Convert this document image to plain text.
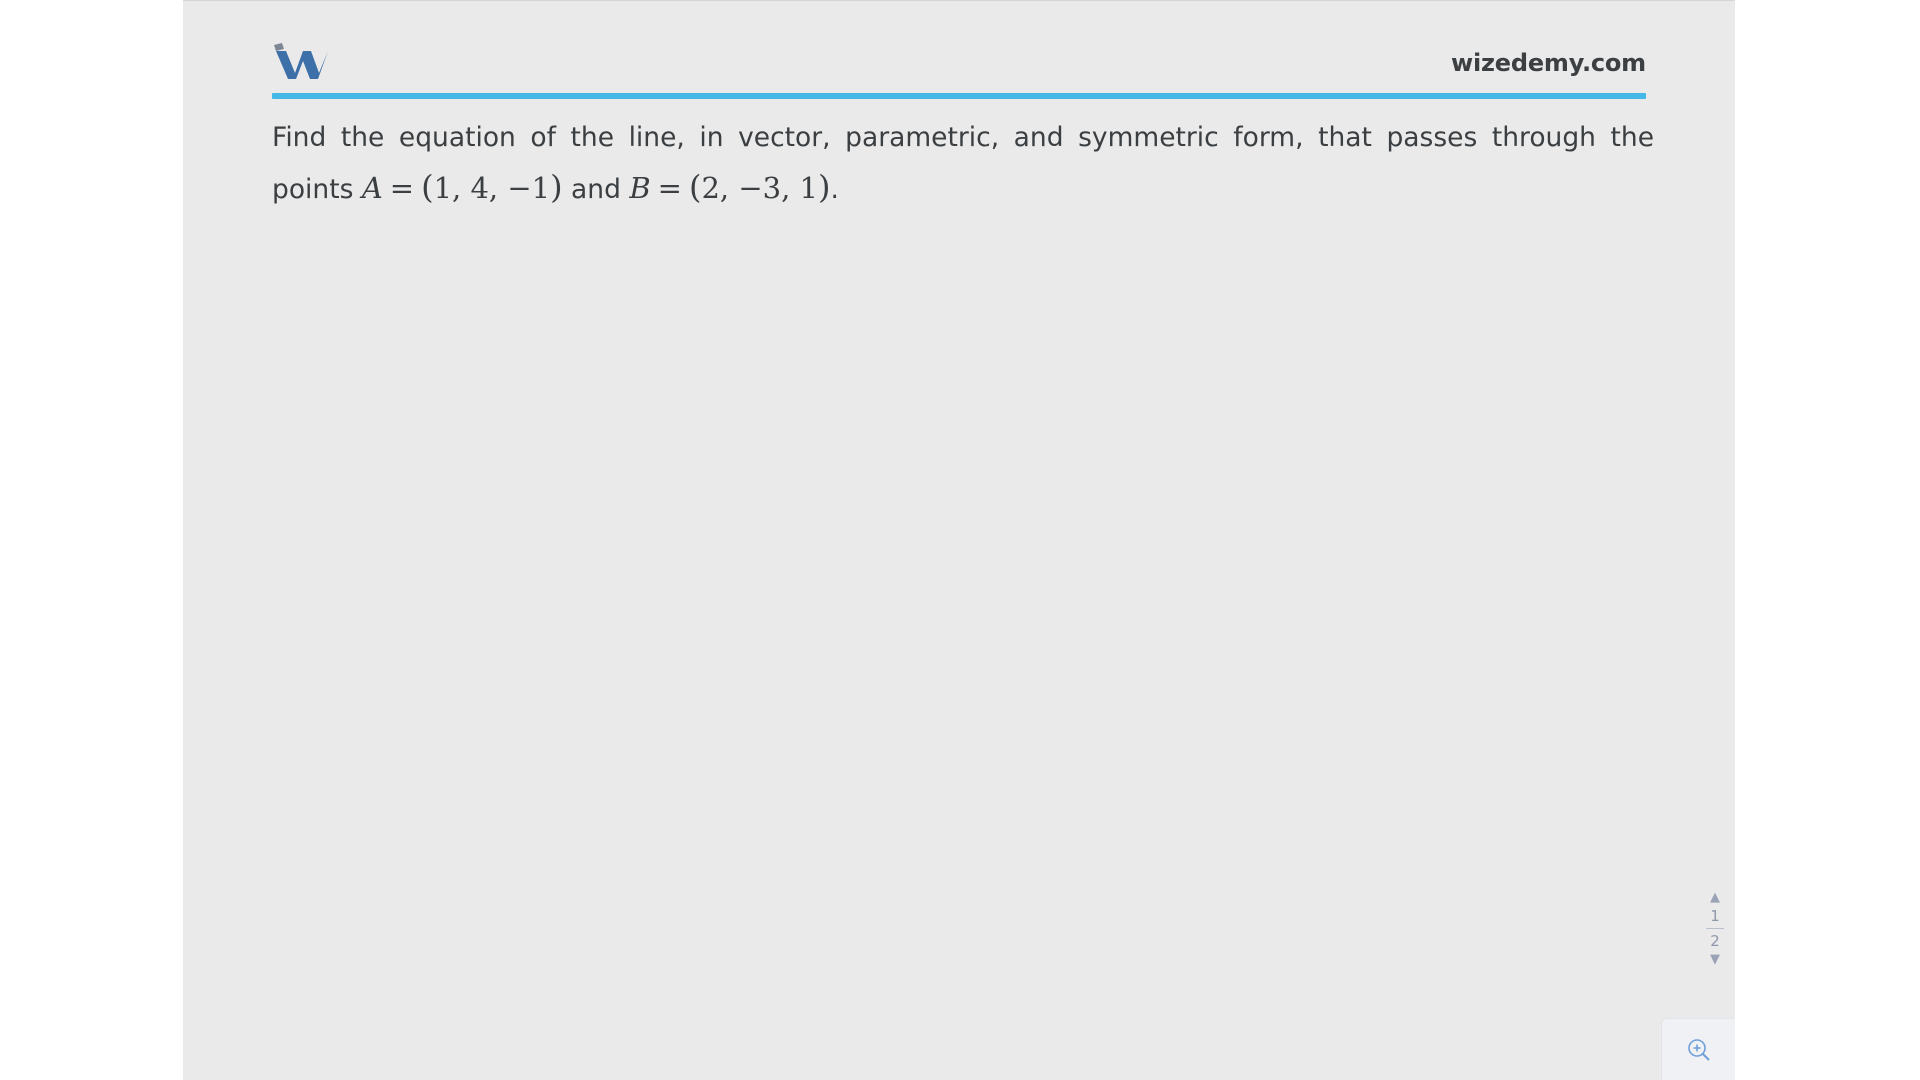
wizedemy.com
Find the equation of the line, in vector, parametric, and symmetric form, that passes through the
points A = (1, 4, −1) and B = (2, −3, 1).
▲
1
2
▼
